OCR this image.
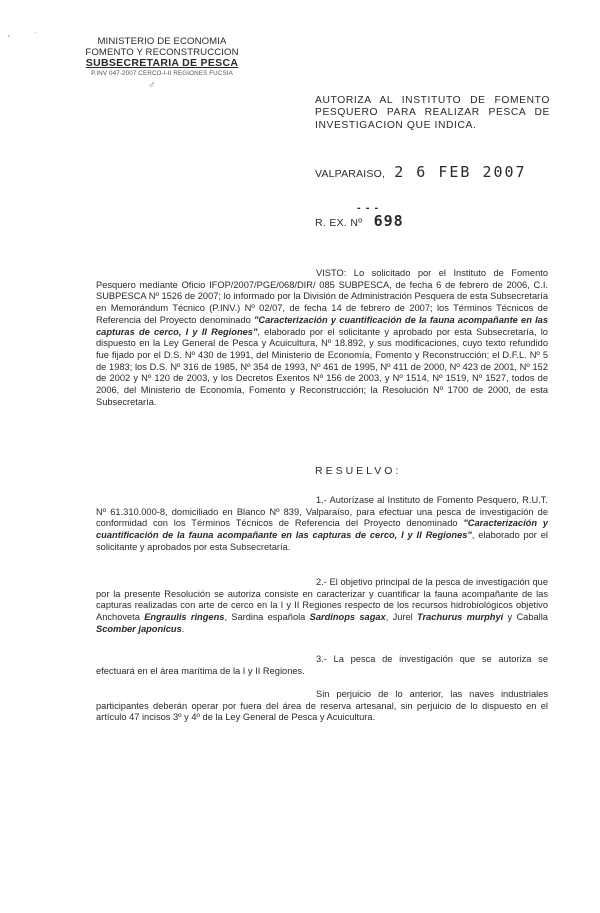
'
·
MINISTERIO DE ECONOMIA
FOMENTO Y RECONSTRUCCION
SUBSECRETARIA DE PESCA
P.INV 047-2007 CERCO-I-II REGIONES FUCSIA
♂
AUTORIZA AL INSTITUTO DE FOMENTO PESQUERO PARA REALIZAR PESCA DE INVESTIGACION QUE INDICA.
VALPARAISO, 2 6 FEB 2007
- - -
R. EX. Nº 698
VISTO: Lo solicitado por el Instituto de Fomento Pesquero mediante Oficio IFOP/2007/PGE/068/DIR/ 085 SUBPESCA, de fecha 6 de febrero de 2006, C.I. SUBPESCA Nº 1526 de 2007; lo informado por la División de Administración Pesquera de esta Subsecretaría en Memorándum Técnico (P.INV.) Nº 02/07, de fecha 14 de febrero de 2007; los Términos Técnicos de Referencia del Proyecto denominado "Caracterización y cuantificación de la fauna acompañante en las capturas de cerco, I y II Regiones", elaborado por el solicitante y aprobado por esta Subsecretaría, lo dispuesto en la Ley General de Pesca y Acuicultura, Nº 18.892, y sus modificaciones, cuyo texto refundido fue fijado por el D.S. Nº 430 de 1991, del Ministerio de Economía, Fomento y Reconstrucción; el D.F.L. Nº 5 de 1983; los D.S. Nº 316 de 1985, Nº 354 de 1993, Nº 461 de 1995, Nº 411 de 2000, Nº 423 de 2001, Nº 152 de 2002 y Nº 120 de 2003, y los Decretos Exentos Nº 156 de 2003, y Nº 1514, Nº 1519, Nº 1527, todos de 2006, del Ministerio de Economía, Fomento y Reconstrucción; la Resolución Nº 1700 de 2000, de esta Subsecretaría.
RESUELVO:
1.- Autorízase al Instituto de Fomento Pesquero, R.U.T. Nº 61.310.000-8, domiciliado en Blanco Nº 839, Valparaíso, para efectuar una pesca de investigación de conformidad con los Términos Técnicos de Referencia del Proyecto denominado "Caracterización y cuantificación de la fauna acompañante en las capturas de cerco, I y II Regiones", elaborado por el solicitante y aprobados por esta Subsecretaría.
2.- El objetivo principal de la pesca de investigación que por la presente Resolución se autoriza consiste en caracterizar y cuantificar la fauna acompañante de las capturas realizadas con arte de cerco en la I y II Regiones respecto de los recursos hidrobiológicos objetivo Anchoveta Engraulis ringens, Sardina española Sardinops sagax, Jurel Trachurus murphyi y Caballa Scomber japonicus.
3.- La pesca de investigación que se autoriza se efectuará en el área marítima de la I y II Regiones.
Sin perjuicio de lo anterior, las naves industriales participantes deberán operar por fuera del área de reserva artesanal, sin perjuicio de lo dispuesto en el artículo 47 incisos 3º y 4º de la Ley General de Pesca y Acuicultura.
